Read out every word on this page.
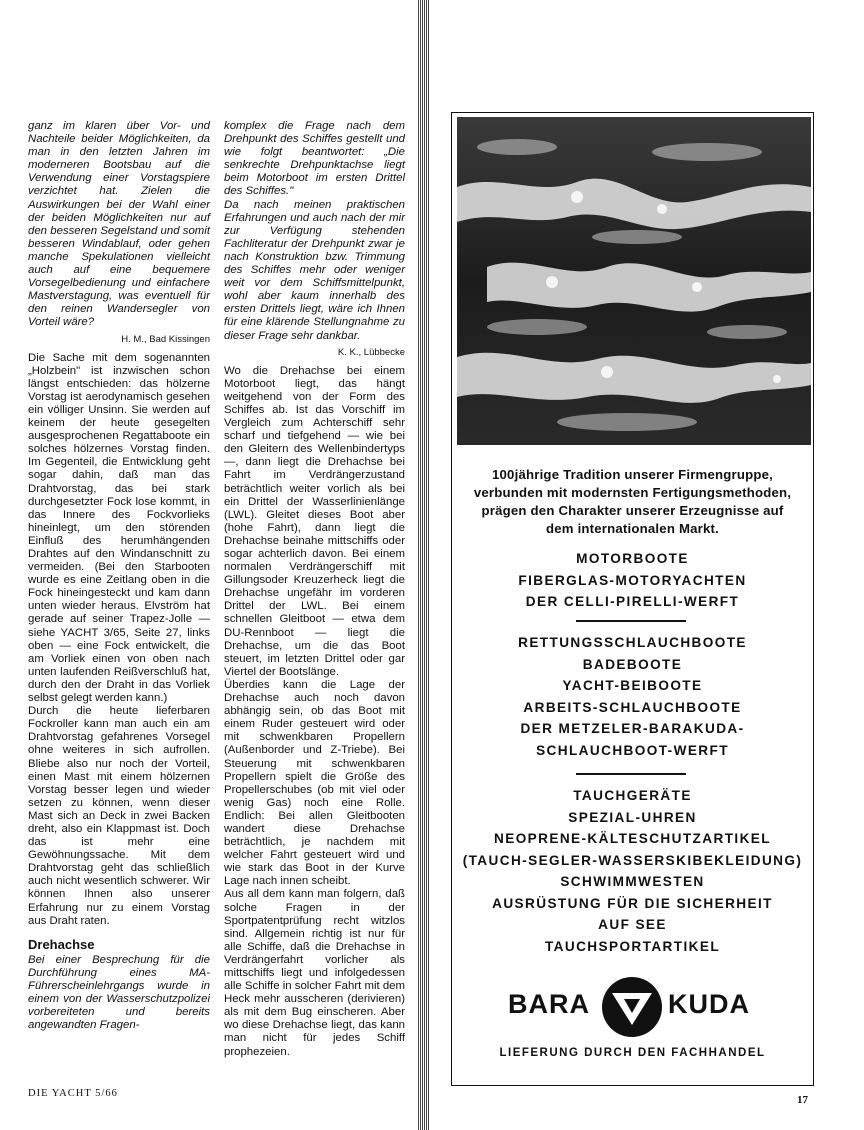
ganz im klaren über Vor- und Nachteile beider Möglichkeiten, da man in den letzten Jahren im moderneren Bootsbau auf die Verwendung einer Vorstagspiere verzichtet hat. Zielen die Auswirkungen bei der Wahl einer der beiden Möglichkeiten nur auf den besseren Segelstand und somit besseren Windablauf, oder gehen manche Spekulationen vielleicht auch auf eine bequemere Vorsegelbedienung und einfachere Mastverstagung, was eventuell für den reinen Wandersegler von Vorteil wäre?

H. M., Bad Kissingen

Die Sache mit dem sogenannten „Holzbein" ist inzwischen schon längst entschieden: das hölzerne Vorstag ist aerodynamisch gesehen ein völliger Unsinn. Sie werden auf keinem der heute gesegelten ausgesprochenen Regattaboote ein solches hölzernes Vorstag finden. Im Gegenteil, die Entwicklung geht sogar dahin, daß man das Drahtvorstag, das bei stark durchgesetzter Fock lose kommt, in das Innere des Fockvorlieks hineinlegt, um den störenden Einfluß des herumhängenden Drahtes auf den Windanschnitt zu vermeiden. (Bei den Starbooten wurde es eine Zeitlang oben in die Fock hineingesteckt und kam dann unten wieder heraus. Elvström hat gerade auf seiner Trapez-Jolle — siehe YACHT 3/65, Seite 27, links oben — eine Fock entwickelt, die am Vorliek einen von oben nach unten laufenden Reißverschluß hat, durch den der Draht in das Vorliek selbst gelegt werden kann.)

Durch die heute lieferbaren Fockroller kann man auch ein am Drahtvorstag gefahrenes Vorsegel ohne weiteres in sich aufrollen. Bliebe also nur noch der Vorteil, einen Mast mit einem hölzernen Vorstag besser legen und wieder setzen zu können, wenn dieser Mast sich an Deck in zwei Backen dreht, also ein Klappmast ist. Doch das ist mehr eine Gewöhnungssache. Mit dem Drahtvorstag geht das schließlich auch nicht wesentlich schwerer. Wir können Ihnen also unserer Erfahrung nur zu einem Vorstag aus Draht raten.

Drehachse

Bei einer Besprechung für die Durchführung eines MA-Führerscheinlehrgangs wurde in einem von der Wasserschutzpolizei vorbereiteten und bereits angewandten Fragen-

komplex die Frage nach dem Drehpunkt des Schiffes gestellt und wie folgt beantwortet: „Die senkrechte Drehpunktachse liegt beim Motorboot im ersten Drittel des Schiffes."

Da nach meinen praktischen Erfahrungen und auch nach der mir zur Verfügung stehenden Fachliteratur der Drehpunkt zwar je nach Konstruktion bzw. Trimmung des Schiffes mehr oder weniger weit vor dem Schiffsmittelpunkt, wohl aber kaum innerhalb des ersten Drittels liegt, wäre ich Ihnen für eine klärende Stellungnahme zu dieser Frage sehr dankbar.

K. K., Lübbecke

Wo die Drehachse bei einem Motorboot liegt, das hängt weitgehend von der Form des Schiffes ab. Ist das Vorschiff im Vergleich zum Achterschiff sehr scharf und tiefgehend — wie bei den Gleitern des Wellenbindertyps —, dann liegt die Drehachse bei Fahrt im Verdrängerzustand beträchtlich weiter vorlich als bei ein Drittel der Wasserlinienlänge (LWL). Gleitet dieses Boot aber (hohe Fahrt), dann liegt die Drehachse beinahe mittschiffs oder sogar achterlich davon. Bei einem normalen Verdrängerschiff mit Gillungsoder Kreuzerheck liegt die Drehachse ungefähr im vorderen Drittel der LWL. Bei einem schnellen Gleitboot — etwa dem DU-Rennboot — liegt die Drehachse, um die das Boot steuert, im letzten Drittel oder gar Viertel der Bootslänge.

Überdies kann die Lage der Drehachse auch noch davon abhängig sein, ob das Boot mit einem Ruder gesteuert wird oder mit schwenkbaren Propellern (Außenborder und Z-Triebe). Bei Steuerung mit schwenkbaren Propellern spielt die Größe des Propellerschubes (ob mit viel oder wenig Gas) noch eine Rolle. Endlich: Bei allen Gleitbooten wandert diese Drehachse beträchtlich, je nachdem mit welcher Fahrt gesteuert wird und wie stark das Boot in der Kurve Lage nach innen scheibt.

Aus all dem kann man folgern, daß solche Fragen in der Sportpatentprüfung recht witzlos sind. Allgemein richtig ist nur für alle Schiffe, daß die Drehachse in Verdrängerfahrt vorlicher als mittschiffs liegt und infolgedessen alle Schiffe in solcher Fahrt mit dem Heck mehr ausscheren (derivieren) als mit dem Bug einscheren. Aber wo diese Drehachse liegt, das kann man nicht für jedes Schiff prophezeien.

DIE YACHT 5/66
17
100jährige Tradition unserer Firmengruppe,
verbunden mit modernsten Fertigungsmethoden,
prägen den Charakter unserer Erzeugnisse auf
dem internationalen Markt.
MOTORBOOTE
FIBERGLAS-MOTORYACHTEN
DER CELLI-PIRELLI-WERFT
RETTUNGSSCHLAUCHBOOTE
BADEBOOTE
YACHT-BEIBOOTE
ARBEITS-SCHLAUCHBOOTE
DER METZELER-BARAKUDA-
SCHLAUCHBOOT-WERFT
TAUCHGERÄTE
SPEZIAL-UHREN
NEOPRENE-KÄLTESCHUTZARTIKEL
(TAUCH-SEGLER-WASSERSKIBEKLEIDUNG)
SCHWIMMWESTEN
AUSRÜSTUNG FÜR DIE SICHERHEIT
AUF SEE
TAUCHSPORTARTIKEL
BARA	KUDA
LIEFERUNG DURCH DEN FACHHANDEL
